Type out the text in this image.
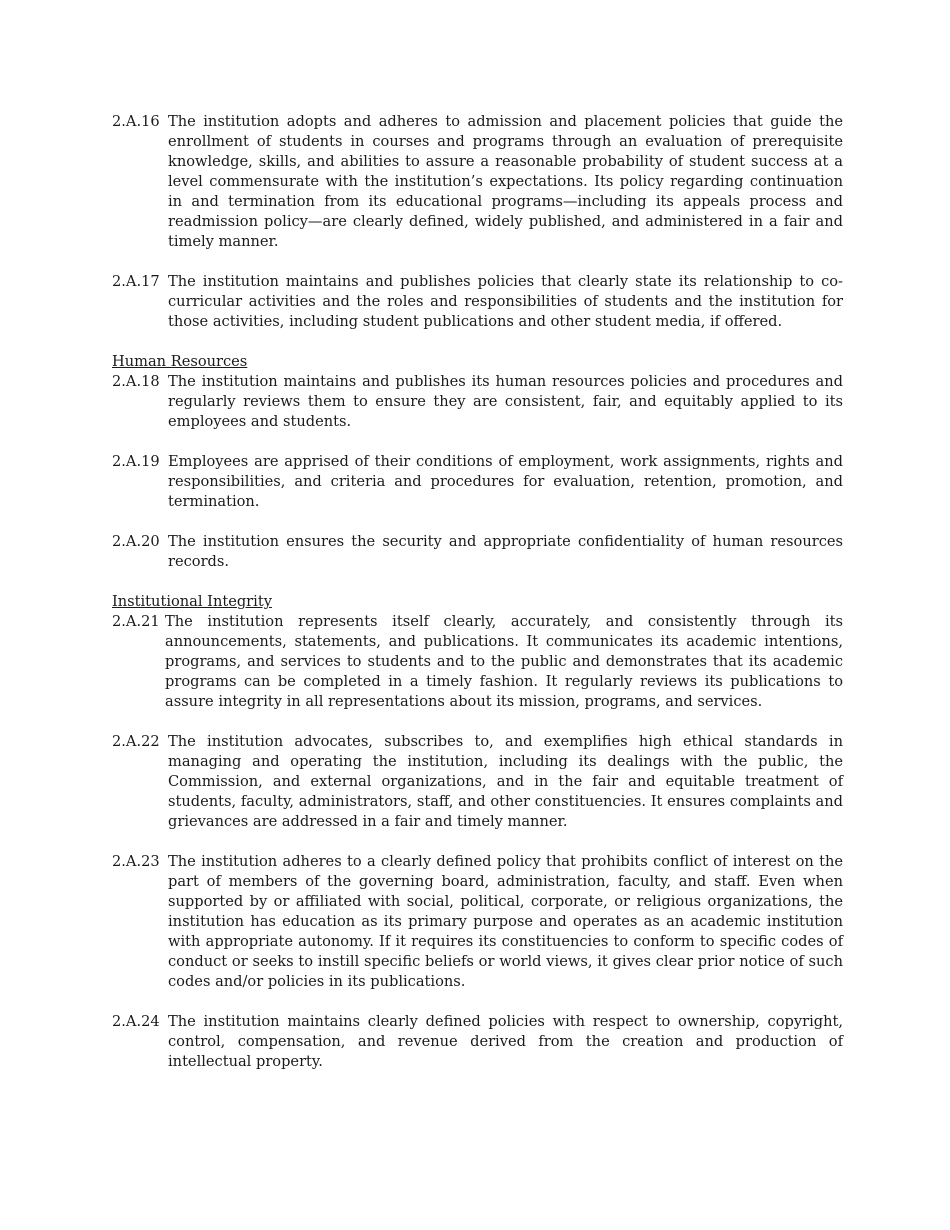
2.A.16 The institution adopts and adheres to admission and placement policies that guide the enrollment of students in courses and programs through an evaluation of prerequisite knowledge, skills, and abilities to assure a reasonable probability of student success at a level commensurate with the institution’s expectations. Its policy regarding continuation in and termination from its educational programs—including its appeals process and readmission policy—are clearly defined, widely published, and administered in a fair and timely manner.
2.A.17 The institution maintains and publishes policies that clearly state its relationship to co-curricular activities and the roles and responsibilities of students and the institution for those activities, including student publications and other student media, if offered.

Human Resources

2.A.18 The institution maintains and publishes its human resources policies and procedures and regularly reviews them to ensure they are consistent, fair, and equitably applied to its employees and students.
2.A.19 Employees are apprised of their conditions of employment, work assignments, rights and responsibilities, and criteria and procedures for evaluation, retention, promotion, and termination.
2.A.20 The institution ensures the security and appropriate confidentiality of human resources records.

Institutional Integrity

2.A.21 The institution represents itself clearly, accurately, and consistently through its announcements, statements, and publications. It communicates its academic intentions, programs, and services to students and to the public and demonstrates that its academic programs can be completed in a timely fashion. It regularly reviews its publications to assure integrity in all representations about its mission, programs, and services.
2.A.22 The institution advocates, subscribes to, and exemplifies high ethical standards in managing and operating the institution, including its dealings with the public, the Commission, and external organizations, and in the fair and equitable treatment of students, faculty, administrators, staff, and other constituencies. It ensures complaints and grievances are addressed in a fair and timely manner.
2.A.23 The institution adheres to a clearly defined policy that prohibits conflict of interest on the part of members of the governing board, administration, faculty, and staff. Even when supported by or affiliated with social, political, corporate, or religious organizations, the institution has education as its primary purpose and operates as an academic institution with appropriate autonomy. If it requires its constituencies to conform to specific codes of conduct or seeks to instill specific beliefs or world views, it gives clear prior notice of such codes and/or policies in its publications.
2.A.24 The institution maintains clearly defined policies with respect to ownership, copyright, control, compensation, and revenue derived from the creation and production of intellectual property.
